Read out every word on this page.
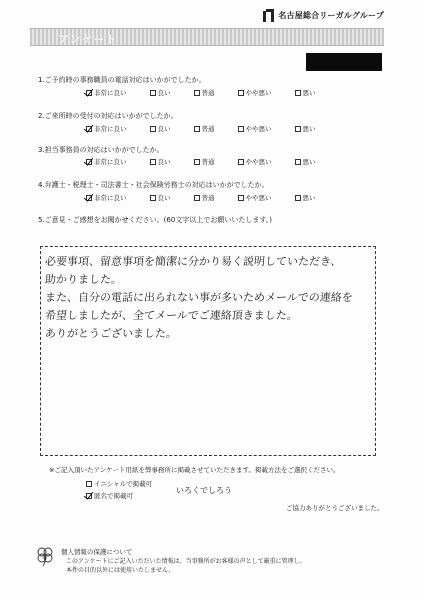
名古屋総合リーガルグループ
アンケート
1.ご予約時の事務職員の電話対応はいかがでしたか。
非常に良い	良い	普通	やや悪い	悪い
2.ご来所時の受付の対応はいかがでしたか。
非常に良い	良い	普通	やや悪い	悪い
3.担当事務員の対応はいかがでしたか。
非常に良い	良い	普通	やや悪い	悪い
4.弁護士・税理士・司法書士・社会保険労務士の対応はいかがでしたか。
非常に良い	良い	普通	やや悪い	悪い
5.ご意見・ご感想をお聞かせください。(60文字以上でお願いいたします。)
必要事項、留意事項を簡潔に分かり易く説明していただき、
助かりました。
また、自分の電話に出られない事が多いためメールでの連絡を
希望しましたが、全てメールでご連絡頂きました。
ありがとうございました。
※ご記入頂いたアンケート用紙を弊事務所に掲載させていただきます。掲載方法をご選択ください。
イニシャルで掲載可
匿名で掲載可
いろくでしろう
ご協力ありがとうございました。
個人情報の保護について
このアンケートにご記入いただいた情報は、当事務所がお客様の声として厳重に管理し、
本件の目的以外には使用いたしません。
